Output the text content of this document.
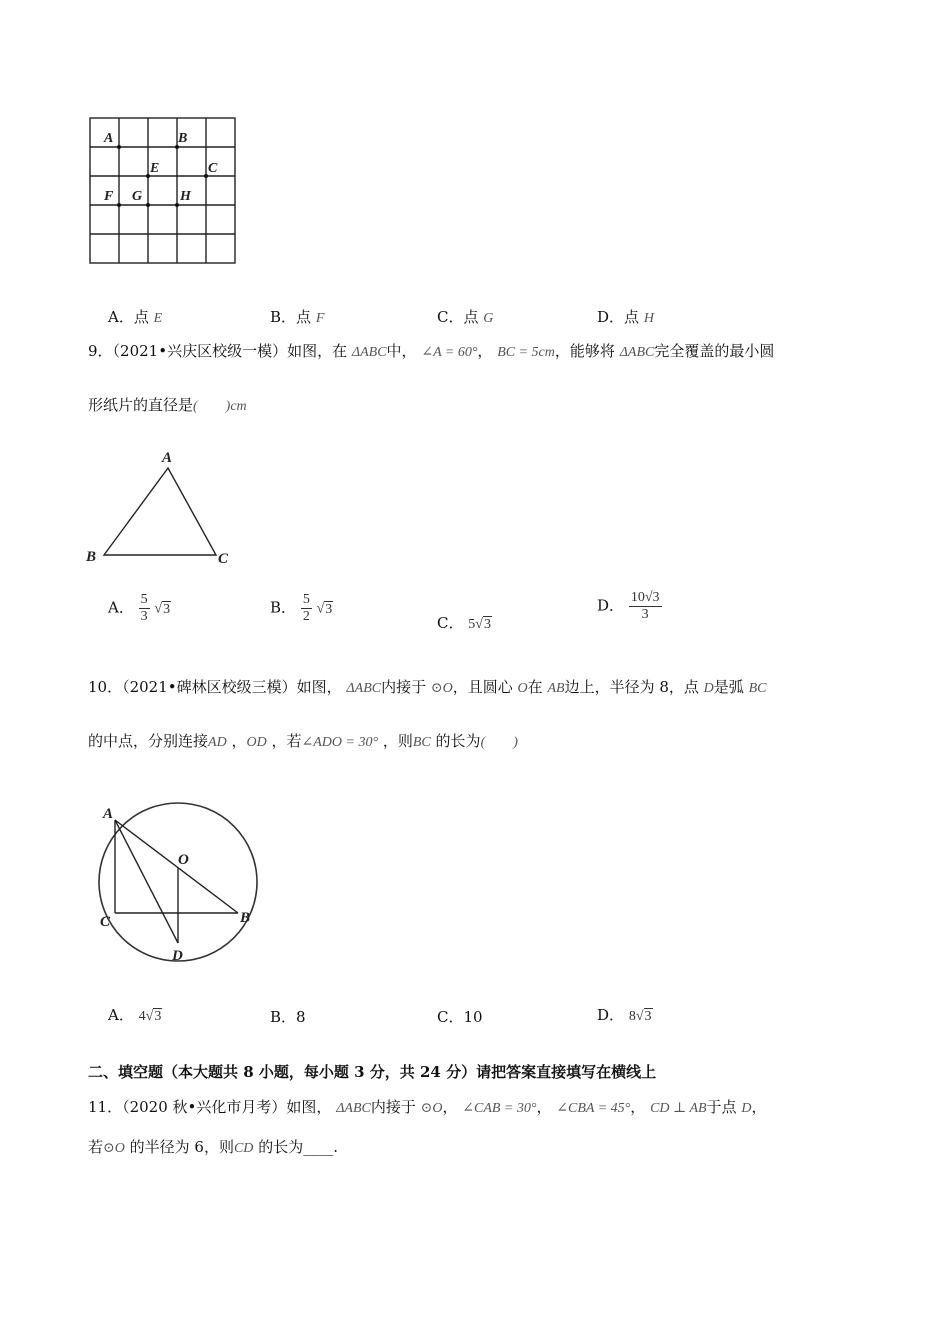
A	B
E	C
F G	H
A．点 E	B．点 F	C．点 G	D．点 H
9．（2021•兴庆区校级一模）如图，在 ΔABC中， ∠A = 60°， BC = 5cm，能够将 ΔABC完全覆盖的最小圆
形纸片的直径是(　　)cm
A
B	C
A． $\frac{5}{3} √3$	B． $\frac{5}{2} √3$
C． 5√3
D． $\frac{10√3}{3}$
10．（2021•碑林区校级三模）如图， ΔABC内接于 ⊙O，且圆心 O在 AB边上，半径为 8，点 D是弧 BC
的中点，分别连接AD ，OD ，若∠ADO = 30° ，则BC 的长为(　　)
A
O
C	B
D
A． 4√3	B．8	C．10	D． 8√3
二、填空题（本大题共 8 小题，每小题 3 分，共 24 分）请把答案直接填写在横线上
11．（2020 秋•兴化市月考）如图， ΔABC内接于 ⊙O， ∠CAB = 30°， ∠CBA = 45°， CD ⊥ AB于点 D，
若⊙O 的半径为 6，则CD 的长为____.
